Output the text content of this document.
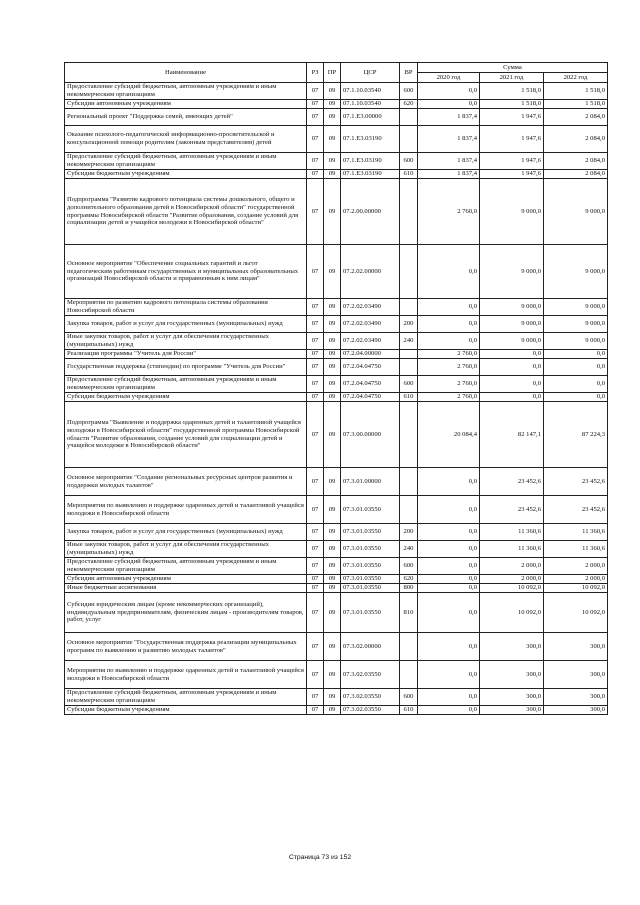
Наименование	РЗ	ПР	ЦСР	ВР	Сумма		
					2020 год	2021 год	2022 год
Предоставление субсидий бюджетным, автономным учреждениям и иным некоммерческим организациям	07	09	07.1.10.03540	600	0,0	1 518,0	1 518,0
Субсидии автономным учреждениям	07	09	07.1.10.03540	620	0,0	1 518,0	1 518,0
Региональный проект "Поддержка семей, имеющих детей"	07	09	07.1.E3.00000		1 837,4	1 947,6	2 084,0
Оказание психолого-педагогической информационно-просветительской и консультационной помощи родителям (законным представителям) детей	07	09	07.1.E3.03190		1 837,4	1 947,6	2 084,0
Предоставление субсидий бюджетным, автономным учреждениям и иным некоммерческим организациям	07	09	07.1.E3.03190	600	1 837,4	1 947,6	2 084,0
Субсидии бюджетным учреждениям	07	09	07.1.E3.03190	610	1 837,4	1 947,6	2 084,0
Подпрограмма "Развитие кадрового потенциала системы дошкольного, общего и дополнительного образования детей в Новосибирской области" государственной программы Новосибирской области "Развитие образования, создание условий для социализации детей и учащейся молодежи в Новосибирской области"	07	09	07.2.00.00000		2 760,0	9 000,0	9 000,0
Основное мероприятие "Обеспечение социальных гарантий и льгот педагогическим работникам государственных и муниципальных образовательных организаций Новосибирской области и приравненным к ним лицам"	07	09	07.2.02.00000		0,0	9 000,0	9 000,0
Мероприятия по развитию кадрового потенциала системы образования Новосибирской области	07	09	07.2.02.03490		0,0	9 000,0	9 000,0
Закупка товаров, работ и услуг для государственных (муниципальных) нужд	07	09	07.2.02.03490	200	0,0	9 000,0	9 000,0
Иные закупки товаров, работ и услуг для обеспечения государственных (муниципальных) нужд	07	09	07.2.02.03490	240	0,0	9 000,0	9 000,0
Реализация программы "Учитель для России"	07	09	07.2.04.00000		2 760,0	0,0	0,0
Государственная поддержка (стипендии) по программе "Учитель для России"	07	09	07.2.04.04750		2 760,0	0,0	0,0
Предоставление субсидий бюджетным, автономным учреждениям и иным некоммерческим организациям	07	09	07.2.04.04750	600	2 760,0	0,0	0,0
Субсидии бюджетным учреждениям	07	09	07.2.04.04750	610	2 760,0	0,0	0,0
Подпрограмма "Выявление и поддержка одаренных детей и талантливой учащейся молодежи в Новосибирской области" государственной программы Новосибирской области "Развитие образования, создание условий для социализации детей и учащейся молодежи в Новосибирской области"	07	09	07.3.00.00000		20 084,4	82 147,1	87 224,3
Основное мероприятие "Создание региональных ресурсных центров развития и поддержки молодых талантов"	07	09	07.3.01.00000		0,0	23 452,6	23 452,6
Мероприятия по выявлению и поддержке одаренных детей и талантливой учащейся молодежи в Новосибирской области	07	09	07.3.01.03550		0,0	23 452,6	23 452,6
Закупка товаров, работ и услуг для государственных (муниципальных) нужд	07	09	07.3.01.03550	200	0,0	11 360,6	11 360,6
Иные закупки товаров, работ и услуг для обеспечения государственных (муниципальных) нужд	07	09	07.3.01.03550	240	0,0	11 360,6	11 360,6
Предоставление субсидий бюджетным, автономным учреждениям и иным некоммерческим организациям	07	09	07.3.01.03550	600	0,0	2 000,0	2 000,0
Субсидии автономным учреждениям	07	09	07.3.01.03550	620	0,0	2 000,0	2 000,0
Иные бюджетные ассигнования	07	09	07.3.01.03550	800	0,0	10 092,0	10 092,0
Субсидии юридическим лицам (кроме некоммерческих организаций), индивидуальным предпринимателям, физическим лицам - производителям товаров, работ, услуг	07	09	07.3.01.03550	810	0,0	10 092,0	10 092,0
Основное мероприятие "Государственная поддержка реализации муниципальных программ по выявлению и развитию молодых талантов"	07	09	07.3.02.00000		0,0	300,0	300,0
Мероприятия по выявлению и поддержке одаренных детей и талантливой учащейся молодежи в Новосибирской области	07	09	07.3.02.03550		0,0	300,0	300,0
Предоставление субсидий бюджетным, автономным учреждениям и иным некоммерческим организациям	07	09	07.3.02.03550	600	0,0	300,0	300,0
Субсидии бюджетным учреждениям	07	09	07.3.02.03550	610	0,0	300,0	300,0
Страница 73 из 152
